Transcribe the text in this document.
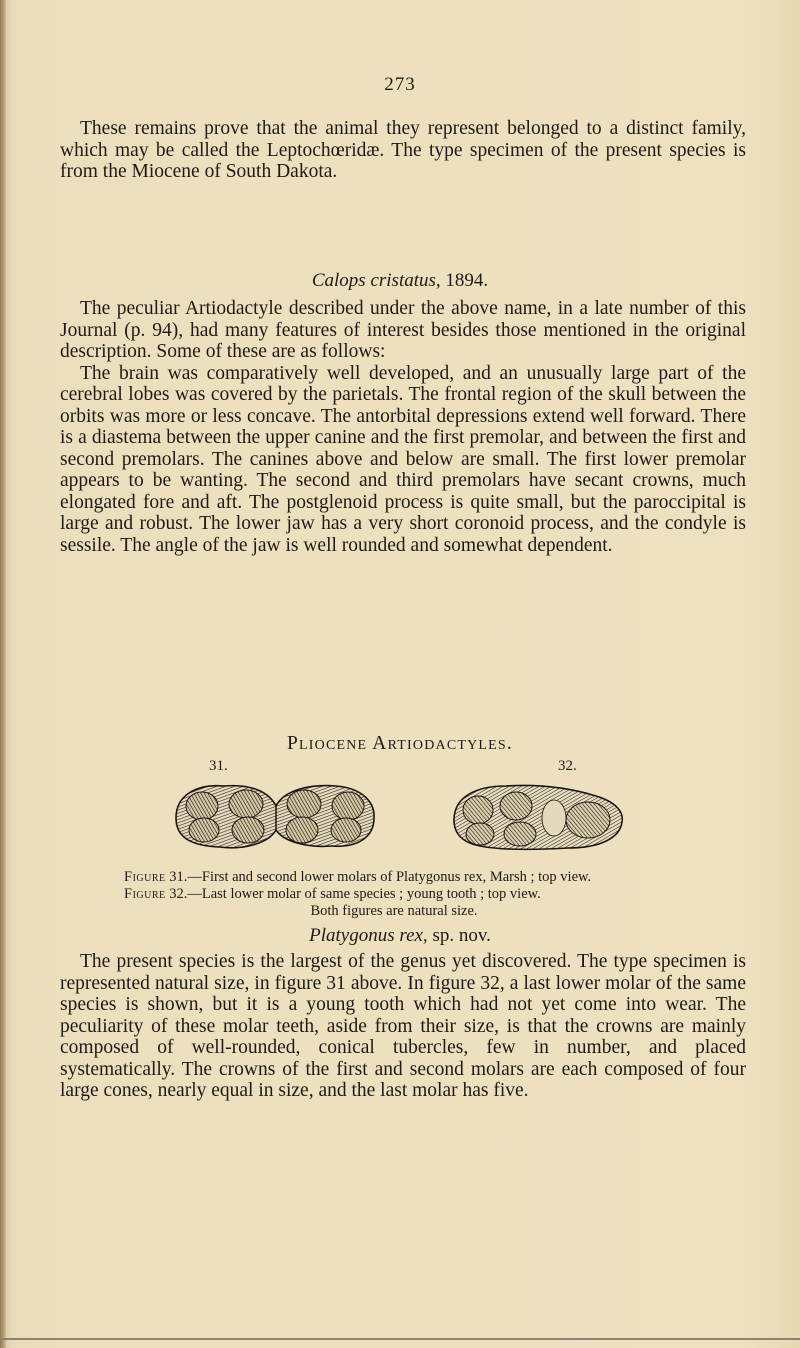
273

These remains prove that the animal they represent belonged to a distinct family, which may be called the Leptochœridæ. The type specimen of the present species is from the Miocene of South Dakota.

Calops cristatus, 1894.

The peculiar Artiodactyle described under the above name, in a late number of this Journal (p. 94), had many features of interest besides those mentioned in the original description. Some of these are as follows:

The brain was comparatively well developed, and an unusually large part of the cerebral lobes was covered by the parietals. The frontal region of the skull between the orbits was more or less concave. The antorbital depressions extend well forward. There is a diastema between the upper canine and the first premolar, and between the first and second premolars. The canines above and below are small. The first lower premolar appears to be wanting. The second and third premolars have secant crowns, much elongated fore and aft. The postglenoid process is quite small, but the paroccipital is large and robust. The lower jaw has a very short coronoid process, and the condyle is sessile. The angle of the jaw is well rounded and somewhat dependent.

Pliocene Artiodactyles.
31.	32.
Figure 31.—First and second lower molars of Platygonus rex, Marsh ; top view.
Figure 32.—Last lower molar of same species ; young tooth ; top view.
Both figures are natural size.
Platygonus rex, sp. nov.

The present species is the largest of the genus yet discovered. The type specimen is represented natural size, in figure 31 above. In figure 32, a last lower molar of the same species is shown, but it is a young tooth which had not yet come into wear. The peculiarity of these molar teeth, aside from their size, is that the crowns are mainly composed of well-rounded, conical tubercles, few in number, and placed systematically. The crowns of the first and second molars are each composed of four large cones, nearly equal in size, and the last molar has five.
